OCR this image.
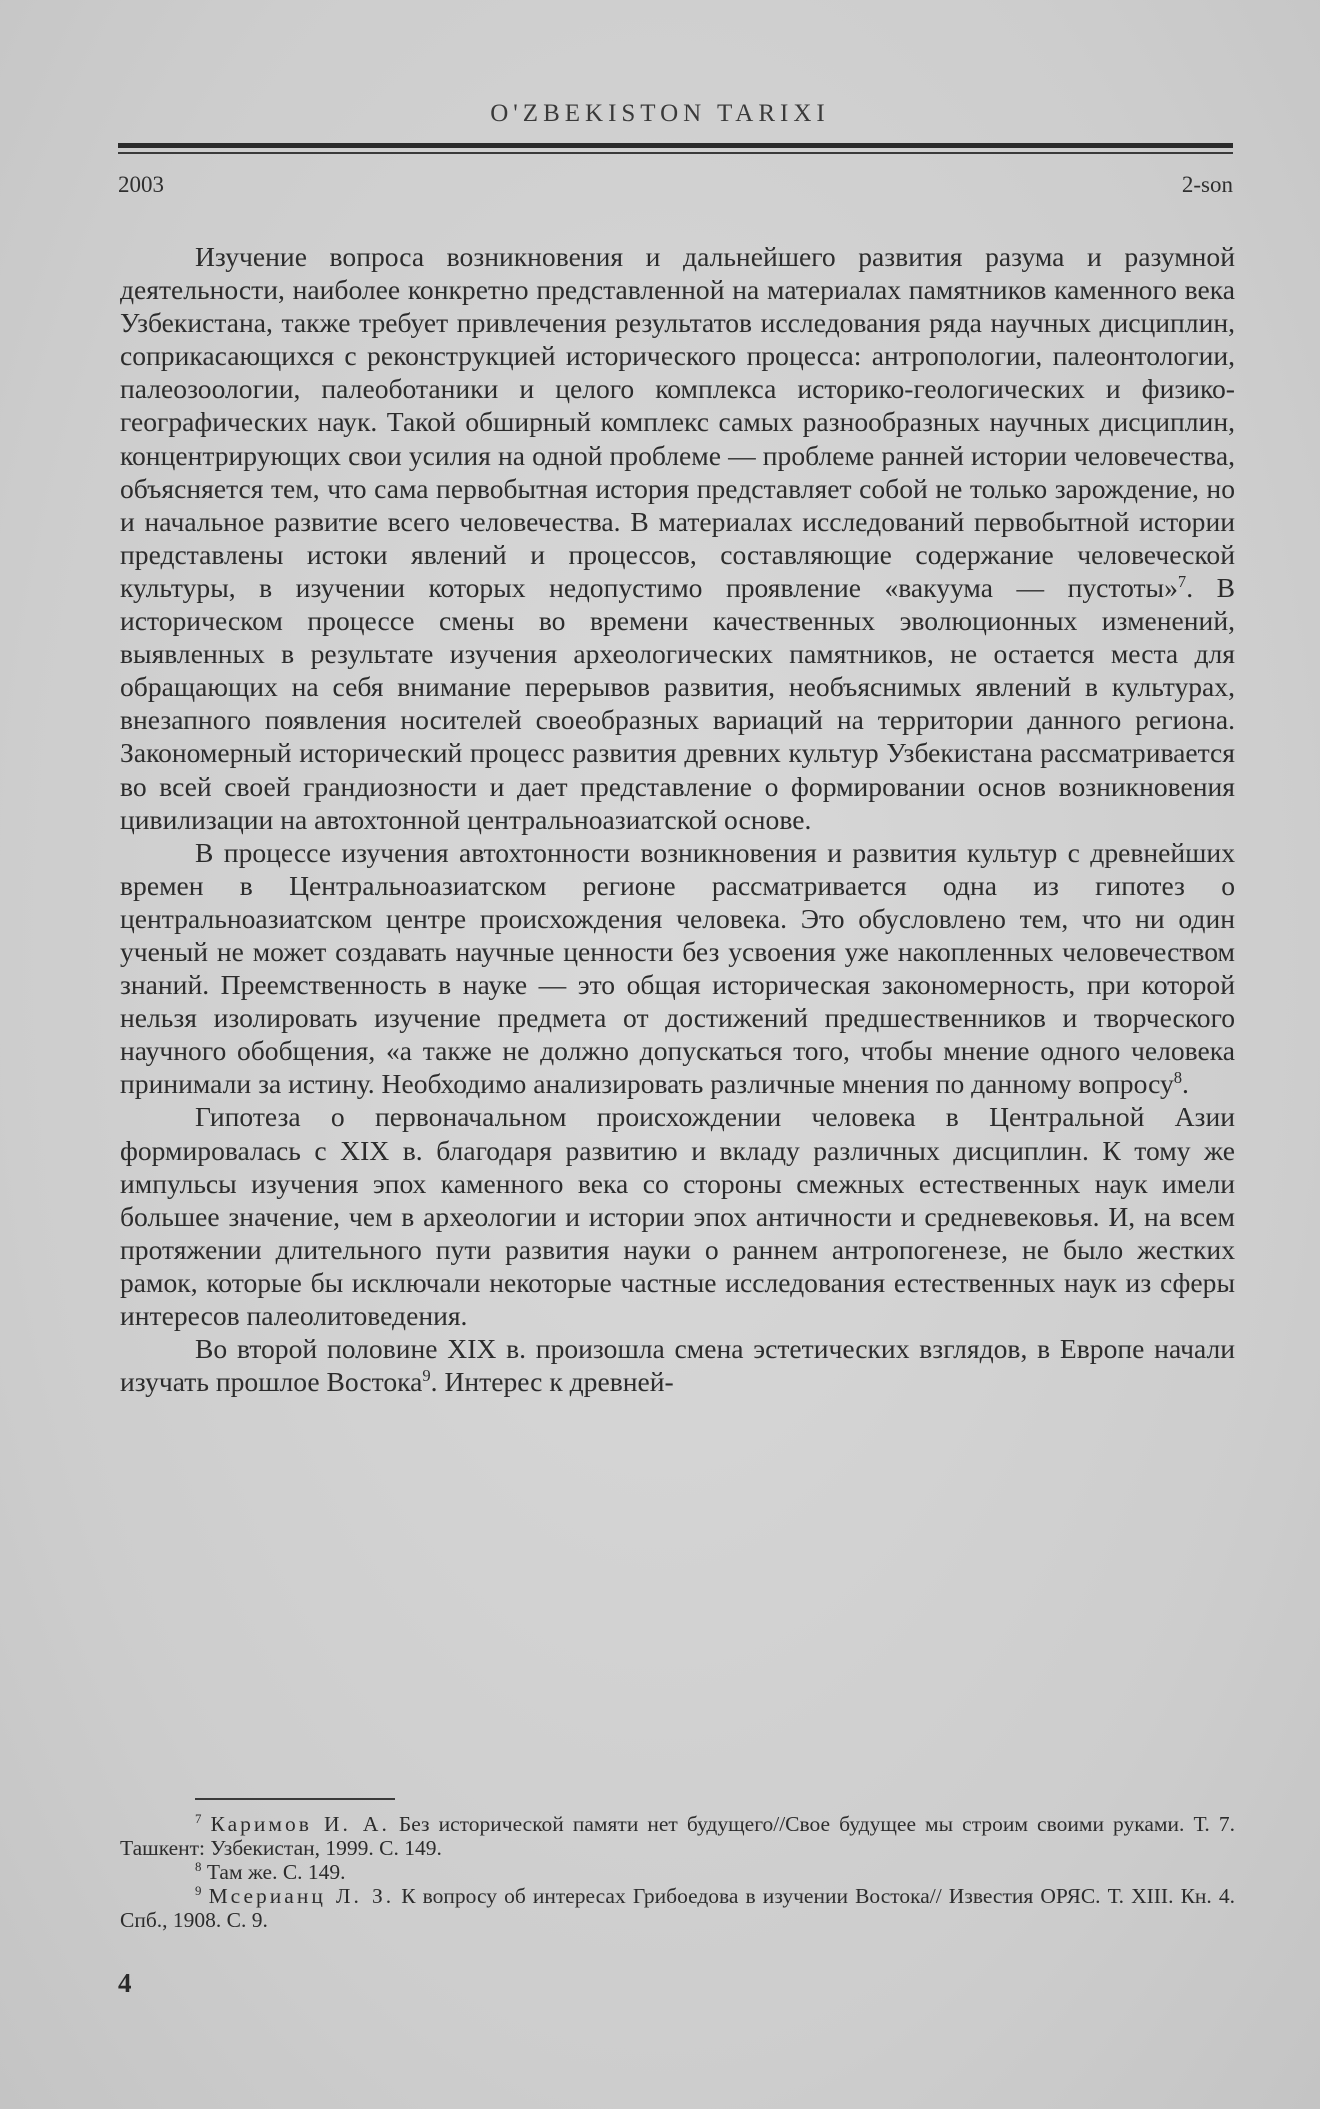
O'ZBEKISTON TARIXI
2003	2-son

Изучение вопроса возникновения и дальнейшего развития разума и разумной деятельности, наиболее конкретно представленной на материалах памятников каменного века Узбекистана, также требует привлечения результатов исследования ряда научных дисциплин, соприкасающихся с реконструкцией исторического процесса: антропологии, палеонтологии, палеозоологии, палеоботаники и целого комплекса историко-геологических и физико-географических наук. Такой обширный комплекс самых разнообразных научных дисциплин, концентрирующих свои усилия на одной проблеме — проблеме ранней истории человечества, объясняется тем, что сама первобытная история представляет собой не только зарождение, но и начальное развитие всего человечества. В материалах исследований первобытной истории представлены истоки явлений и процессов, составляющие содержание человеческой культуры, в изучении которых недопустимо проявление «вакуума — пустоты»$^7$. В историческом процессе смены во времени качественных эволюционных изменений, выявленных в результате изучения археологических памятников, не остается места для обращающих на себя внимание перерывов развития, необъяснимых явлений в культурах, внезапного появления носителей своеобразных вариаций на территории данного региона. Закономерный исторический процесс развития древних культур Узбекистана рассматривается во всей своей грандиозности и дает представление о формировании основ возникновения цивилизации на автохтонной центральноазиатской основе.

В процессе изучения автохтонности возникновения и развития культур с древнейших времен в Центральноазиатском регионе рассматривается одна из гипотез о центральноазиатском центре происхождения человека. Это обусловлено тем, что ни один ученый не может создавать научные ценности без усвоения уже накопленных человечеством знаний. Преемственность в науке — это общая историческая закономерность, при которой нельзя изолировать изучение предмета от достижений предшественников и творческого научного обобщения, «а также не должно допускаться того, чтобы мнение одного человека принимали за истину. Необходимо анализировать различные мнения по данному вопросу$^8$.

Гипотеза о первоначальном происхождении человека в Центральной Азии формировалась с XIX в. благодаря развитию и вкладу различных дисциплин. К тому же импульсы изучения эпох каменного века со стороны смежных естественных наук имели большее значение, чем в археологии и истории эпох античности и средневековья. И, на всем протяжении длительного пути развития науки о раннем антропогенезе, не было жестких рамок, которые бы исключали некоторые частные исследования естественных наук из сферы интересов палеолитоведения.

Во второй половине XIX в. произошла смена эстетических взглядов, в Европе начали изучать прошлое Востока$^9$. Интерес к древней-

$^7$ Каримов И. А. Без исторической памяти нет будущего//Свое будущее мы строим своими руками. Т. 7. Ташкент: Узбекистан, 1999. С. 149.

$^8$ Там же. С. 149.

$^9$ Мсерианц Л. З. К вопросу об интересах Грибоедова в изучении Востока// Известия ОРЯС. Т. XIII. Кн. 4. Спб., 1908. С. 9.

4
